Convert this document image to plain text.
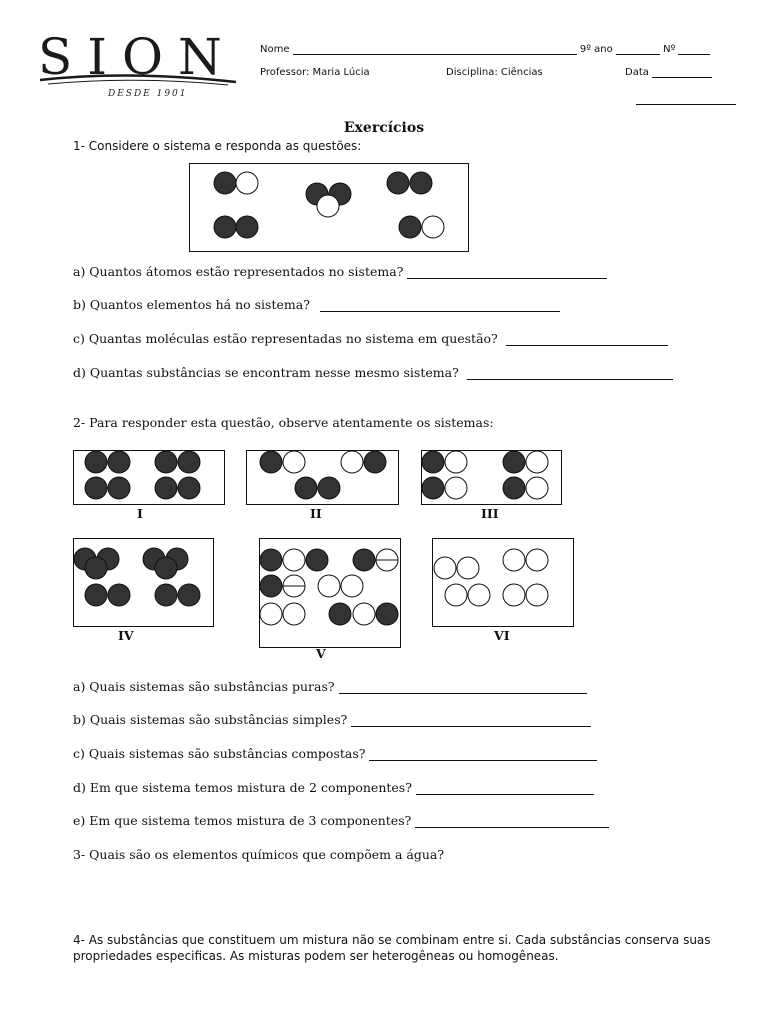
SION
DESDE 1901
Nome	9º ano	Nº
Professor: Maria Lúcia	Disciplina: Ciências	Data
Exercícios
1- Considere o sistema e responda as questões:
a) Quantos átomos estão representados no sistema?
b) Quantos elementos há no sistema?
c) Quantas moléculas estão representadas no sistema em questão?
d) Quantas substâncias se encontram nesse mesmo sistema?
2- Para responder esta questão, observe atentamente os sistemas:
I	II	III
IV
V
VI
a) Quais sistemas são substâncias puras?
b) Quais sistemas são substâncias simples?
c) Quais sistemas são substâncias compostas?
d) Em que sistema temos mistura de 2 componentes?
e) Em que sistema temos mistura de 3 componentes?
3- Quais são os elementos químicos que compõem a água?
4- As substâncias que constituem um mistura não se combinam entre si. Cada substâncias conserva suas propriedades especificas. As misturas podem ser heterogêneas ou homogêneas.
